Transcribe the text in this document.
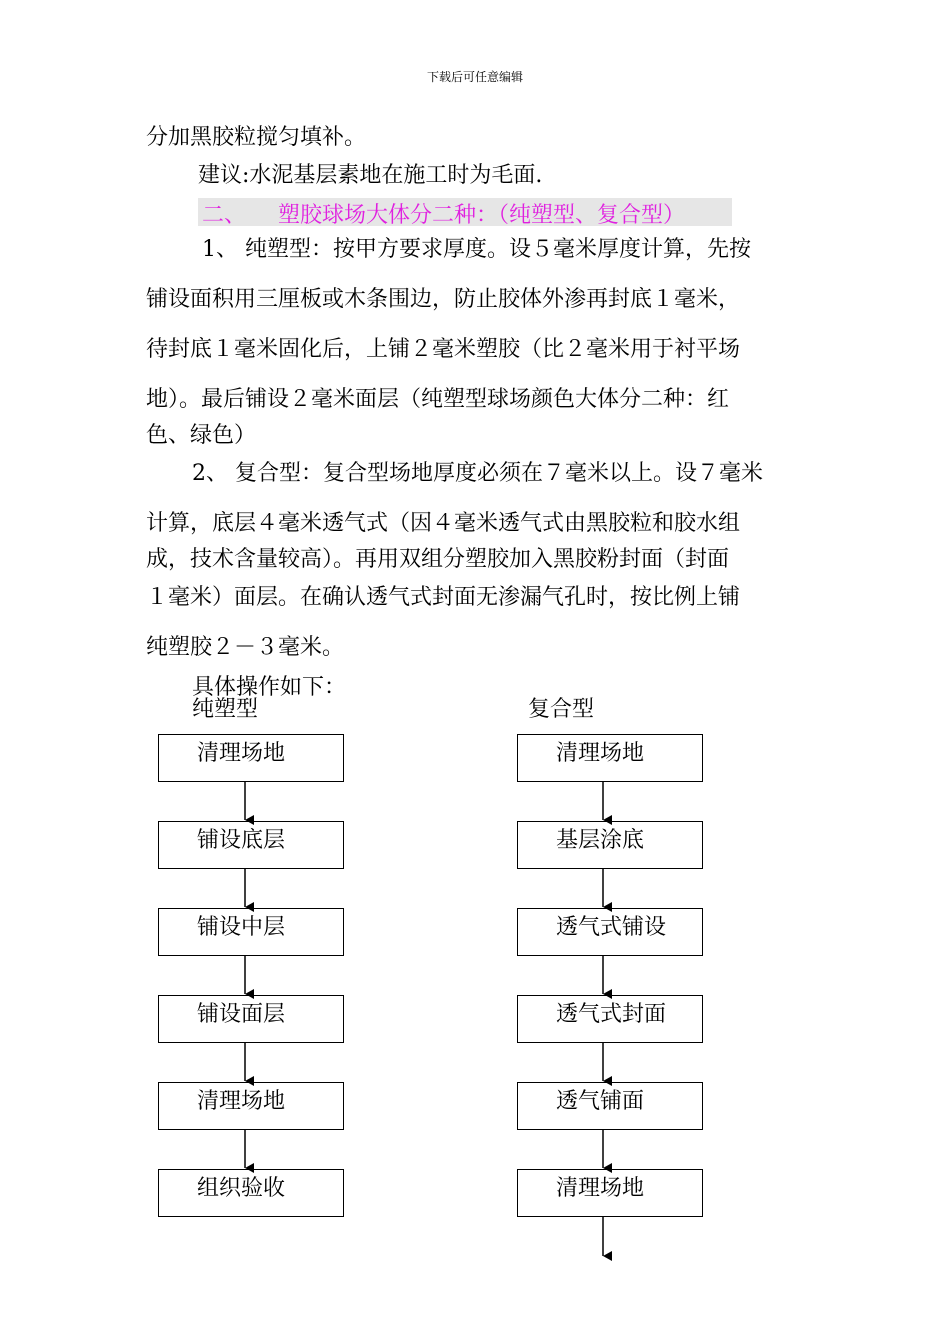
下载后可任意编辑
分加黑胶粒搅匀填补。
建议:水泥基层素地在施工时为毛面.
二、 塑胶球场大体分二种：（纯塑型、复合型）
1、 纯塑型：按甲方要求厚度。设５毫米厚度计算，先按
铺设面积用三厘板或木条围边，防止胶体外渗再封底１毫米，
待封底１毫米固化后，上铺２毫米塑胶（比２毫米用于衬平场
地）。最后铺设２毫米面层（纯塑型球场颜色大体分二种：红
色、绿色）
2、 复合型：复合型场地厚度必须在７毫米以上。设７毫米
计算，底层４毫米透气式（因４毫米透气式由黑胶粒和胶水组
成，技术含量较高）。再用双组分塑胶加入黑胶粉封面（封面
１毫米）面层。在确认透气式封面无渗漏气孔时，按比例上铺
纯塑胶２－３毫米。
具体操作如下：
纯塑型	复合型
清理场地
铺设底层
铺设中层
铺设面层
清理场地
组织验收
清理场地
基层涂底
透气式铺设
透气式封面
透气铺面
清理场地
